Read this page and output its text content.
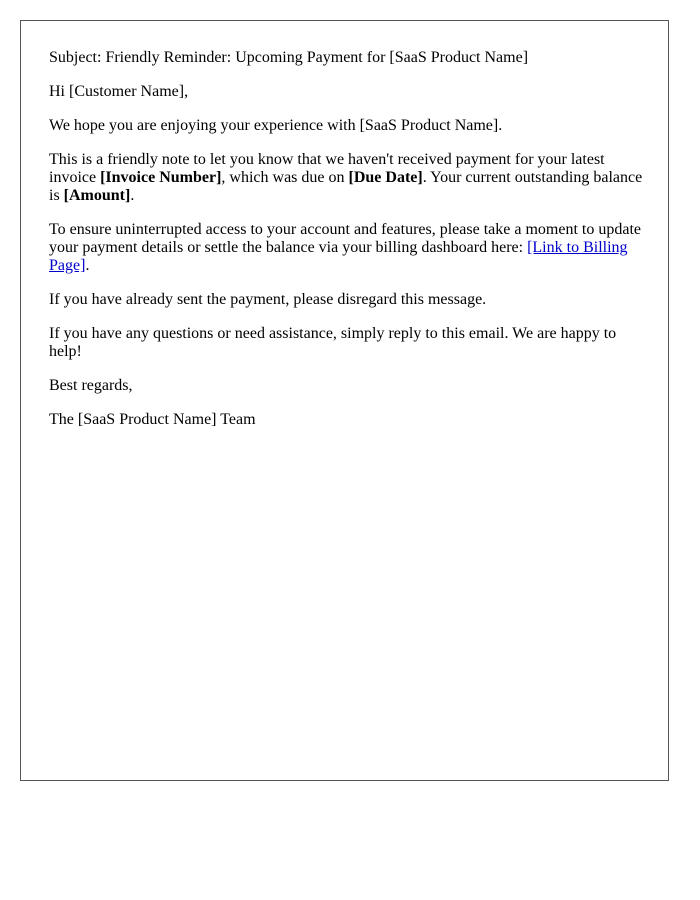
Subject: Friendly Reminder: Upcoming Payment for [SaaS Product Name]

Hi [Customer Name],

We hope you are enjoying your experience with [SaaS Product Name].

This is a friendly note to let you know that we haven't received payment for your latest invoice [Invoice Number], which was due on [Due Date]. Your current outstanding balance is [Amount].

To ensure uninterrupted access to your account and features, please take a moment to update your payment details or settle the balance via your billing dashboard here: [Link to Billing Page].

If you have already sent the payment, please disregard this message.

If you have any questions or need assistance, simply reply to this email. We are happy to help!

Best regards,

The [SaaS Product Name] Team
